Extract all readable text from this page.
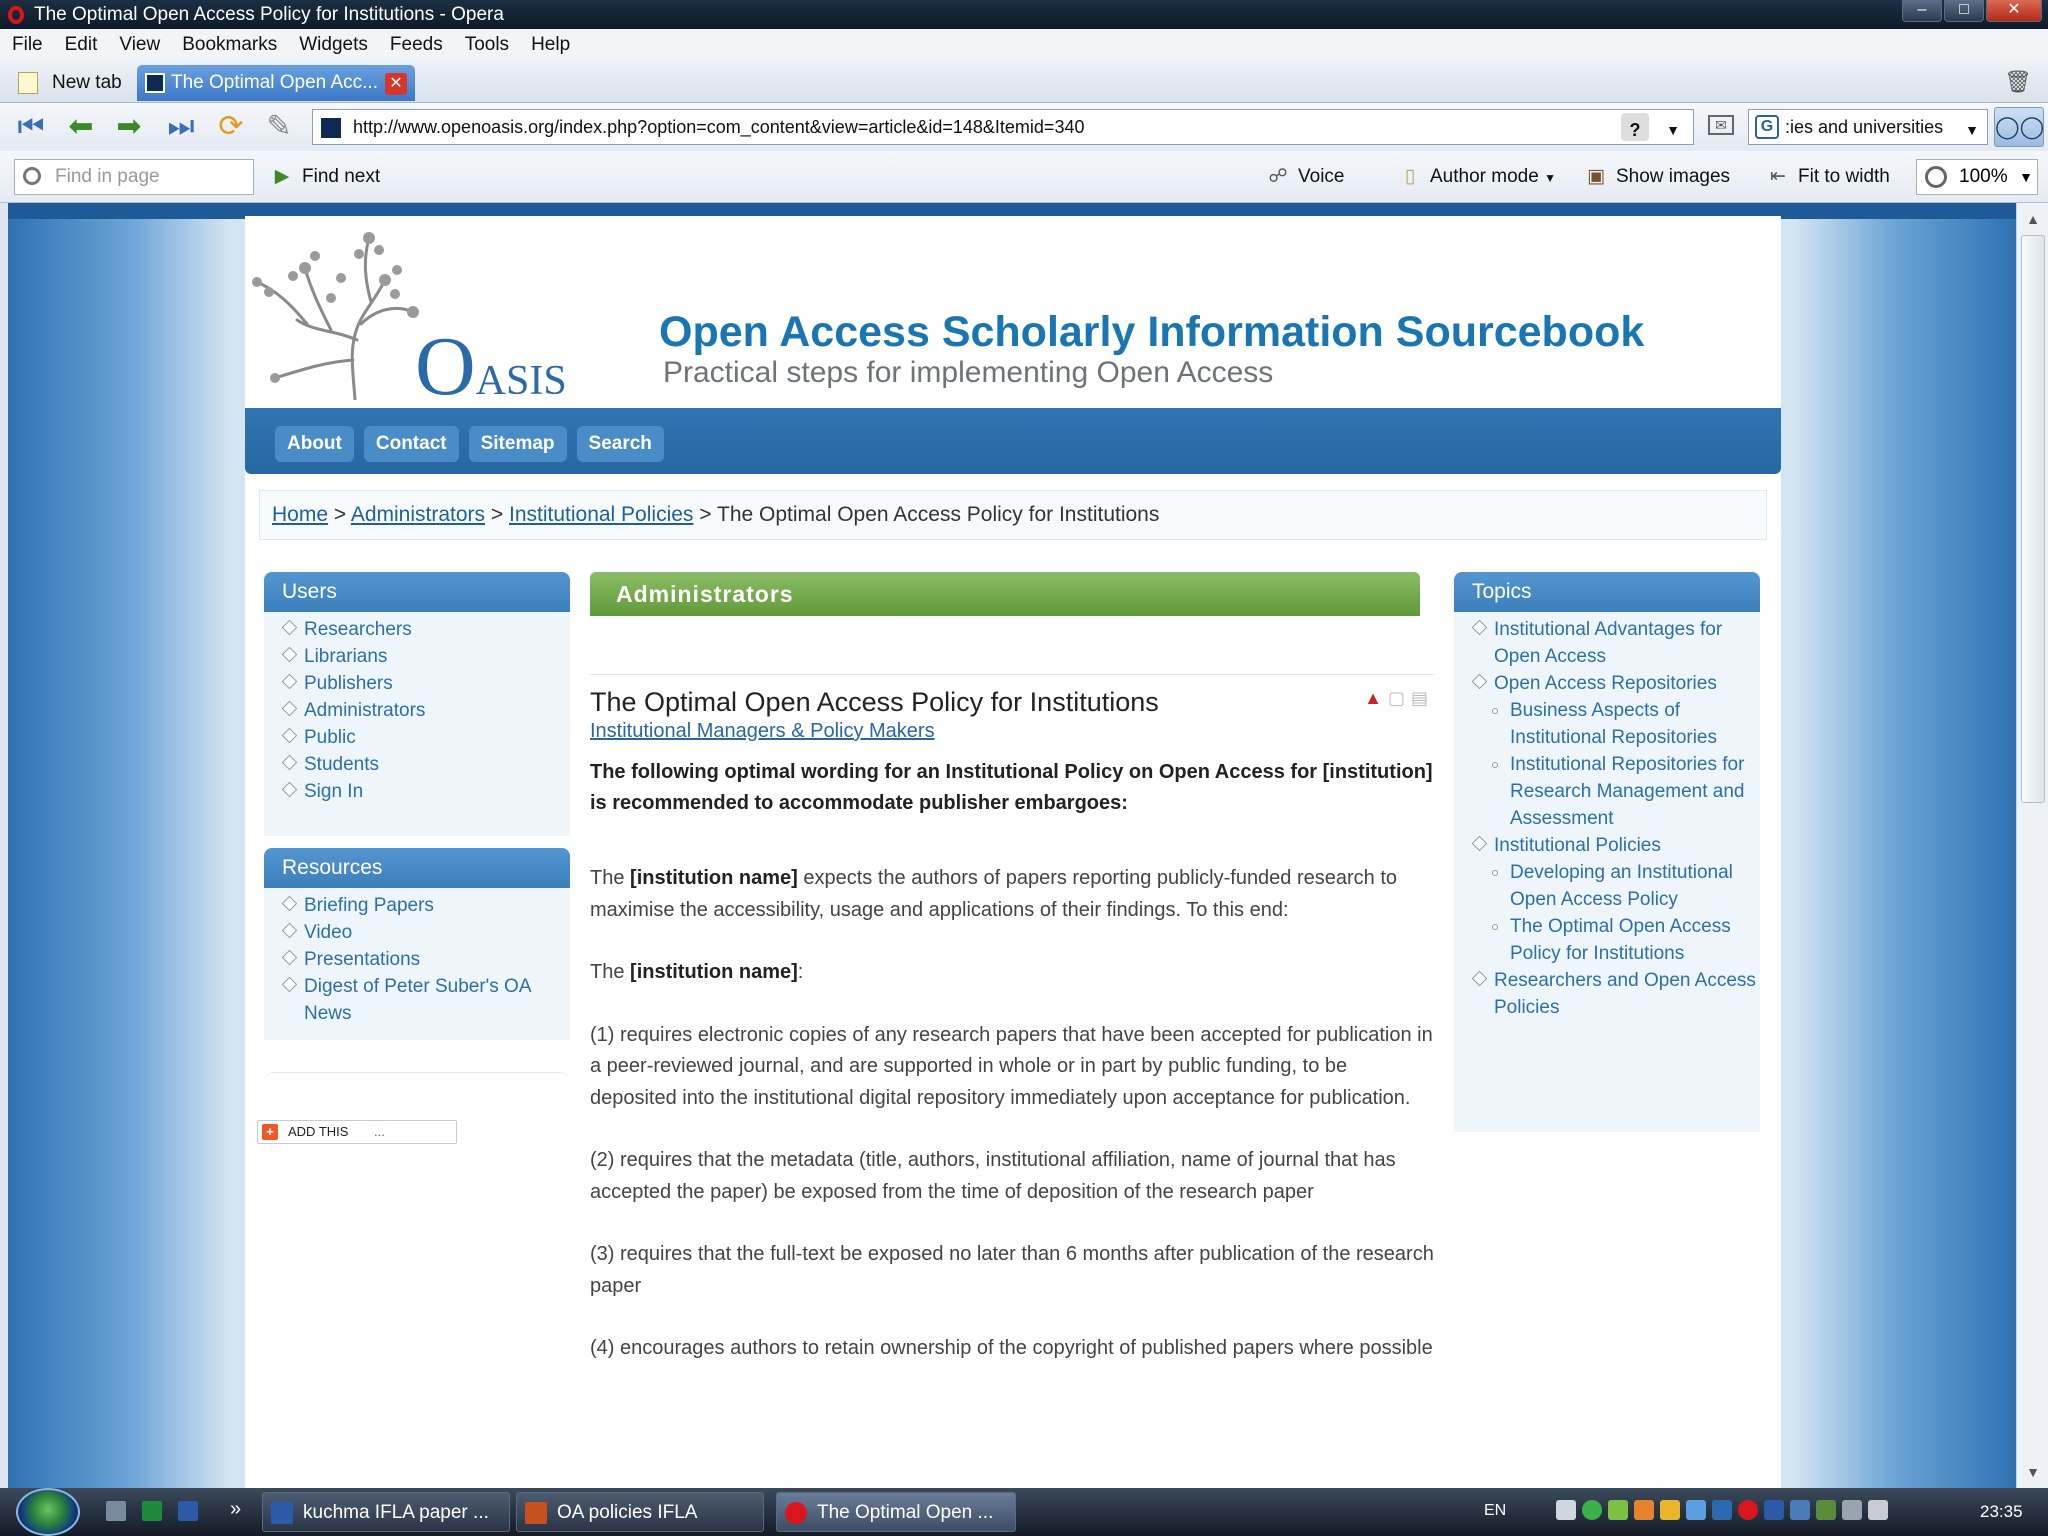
The Optimal Open Access Policy for Institutions - Opera	–	□	✕
File Edit View Bookmarks Widgets Feeds Tools Help
New tab	The Optimal Open Acc... ✕	🗑
⏮ ⬅ ➡ ⏭ ⟳ ✎	http://www.openoasis.org/index.php?option=com_content&view=article&id=148&Itemid=340	?	▼	✉	G :ies and universities ▼ ◯◯
Find in page	▶ Find next	☍ Voice	▯ Author mode ▼ ▣ Show images ⇤ Fit to width	100% ▼
▲
▼
OASIS
Open Access Scholarly Information Sourcebook
Practical steps for implementing Open Access
About	Contact	Sitemap	Search
Home > Administrators > Institutional Policies > The Optimal Open Access Policy for Institutions
Users
Researchers
Librarians
Publishers
Administrators
Public
Students
Sign In
Resources
Briefing Papers
Video
Presentations
Digest of Peter Suber's OA News
+	ADD THIS ...
Administrators
The Optimal Open Access Policy for Institutions	▲▢▤
Institutional Managers & Policy Makers
The following optimal wording for an Institutional Policy on Open Access for [institution] is recommended to accommodate publisher embargoes:

The [institution name] expects the authors of papers reporting publicly-funded research to maximise the accessibility, usage and applications of their findings. To this end:

The [institution name]:

(1) requires electronic copies of any research papers that have been accepted for publication in a peer-reviewed journal, and are supported in whole or in part by public funding, to be deposited into the institutional digital repository immediately upon acceptance for publication.

(2) requires that the metadata (title, authors, institutional affiliation, name of journal that has accepted the paper) be exposed from the time of deposition of the research paper

(3) requires that the full-text be exposed no later than 6 months after publication of the research paper

(4) encourages authors to retain ownership of the copyright of published papers where possible

Topics
Institutional Advantages for Open Access
Open Access Repositories
Business Aspects of Institutional Repositories
Institutional Repositories for Research Management and Assessment
Institutional Policies
Developing an Institutional Open Access Policy
The Optimal Open Access Policy for Institutions
Researchers and Open Access Policies
»	kuchma IFLA paper ...	OA policies IFLA	The Optimal Open ...	EN	23:35
